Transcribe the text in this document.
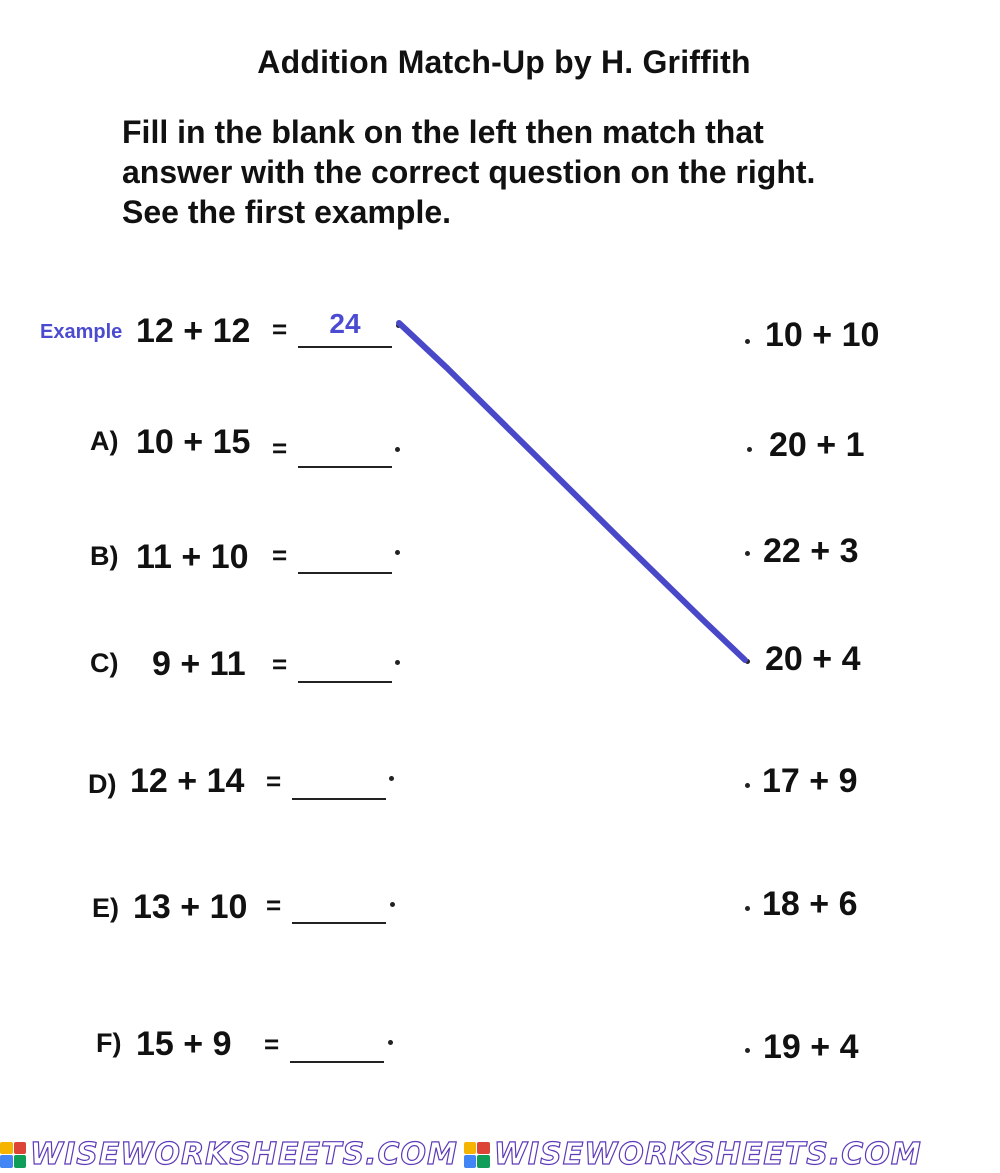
Addition Match-Up by H. Griffith
Fill in the blank on the left then match that
answer with the correct question on the right.
See the first example.
Example 12 + 12 =	24
A) 10 + 15 =
B) 11 + 10 =
C) 9 + 11 =
D) 12 + 14 =
E) 13 + 10 =
F) 15 + 9 =
10 + 10
20 + 1
22 + 3
20 + 4
17 + 9
18 + 6
19 + 4
WISEWORKSHEETS.COM WISEWORKSHEETS.COM
